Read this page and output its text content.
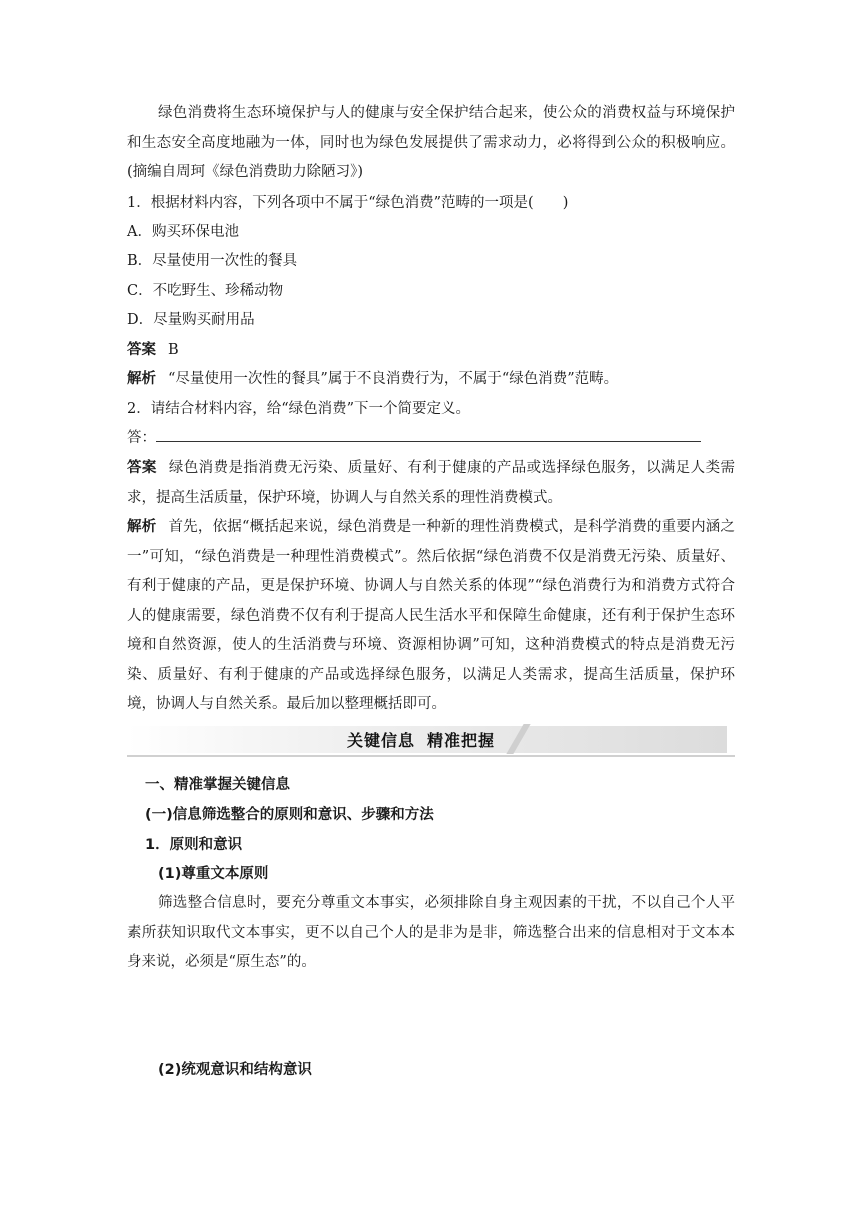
绿色消费将生态环境保护与人的健康与安全保护结合起来，使公众的消费权益与环境保护和生态安全高度地融为一体，同时也为绿色发展提供了需求动力，必将得到公众的积极响应。(摘编自周珂《绿色消费助力除陋习》)

1．根据材料内容，下列各项中不属于“绿色消费”范畴的一项是(　　)
A．购买环保电池
B．尽量使用一次性的餐具
C．不吃野生、珍稀动物
D．尽量购买耐用品
答案 B
解析 “尽量使用一次性的餐具”属于不良消费行为，不属于“绿色消费”范畴。
2．请结合材料内容，给“绿色消费”下一个简要定义。
答：

答案 绿色消费是指消费无污染、质量好、有利于健康的产品或选择绿色服务，以满足人类需求，提高生活质量，保护环境，协调人与自然关系的理性消费模式。

解析 首先，依据“概括起来说，绿色消费是一种新的理性消费模式，是科学消费的重要内涵之一”可知，“绿色消费是一种理性消费模式”。然后依据“绿色消费不仅是消费无污染、质量好、有利于健康的产品，更是保护环境、协调人与自然关系的体现”“绿色消费行为和消费方式符合人的健康需要，绿色消费不仅有利于提高人民生活水平和保障生命健康，还有利于保护生态环境和自然资源，使人的生活消费与环境、资源相协调”可知，这种消费模式的特点是消费无污染、质量好、有利于健康的产品或选择绿色服务，以满足人类需求，提高生活质量，保护环境，协调人与自然关系。最后加以整理概括即可。

关键信息 精准把握
一、精准掌握关键信息
(一)信息筛选整合的原则和意识、步骤和方法
1．原则和意识
(1)尊重文本原则

筛选整合信息时，要充分尊重文本事实，必须排除自身主观因素的干扰，不以自己个人平素所获知识取代文本事实，更不以自己个人的是非为是非，筛选整合出来的信息相对于文本本身来说，必须是“原生态”的。

(2)统观意识和结构意识
